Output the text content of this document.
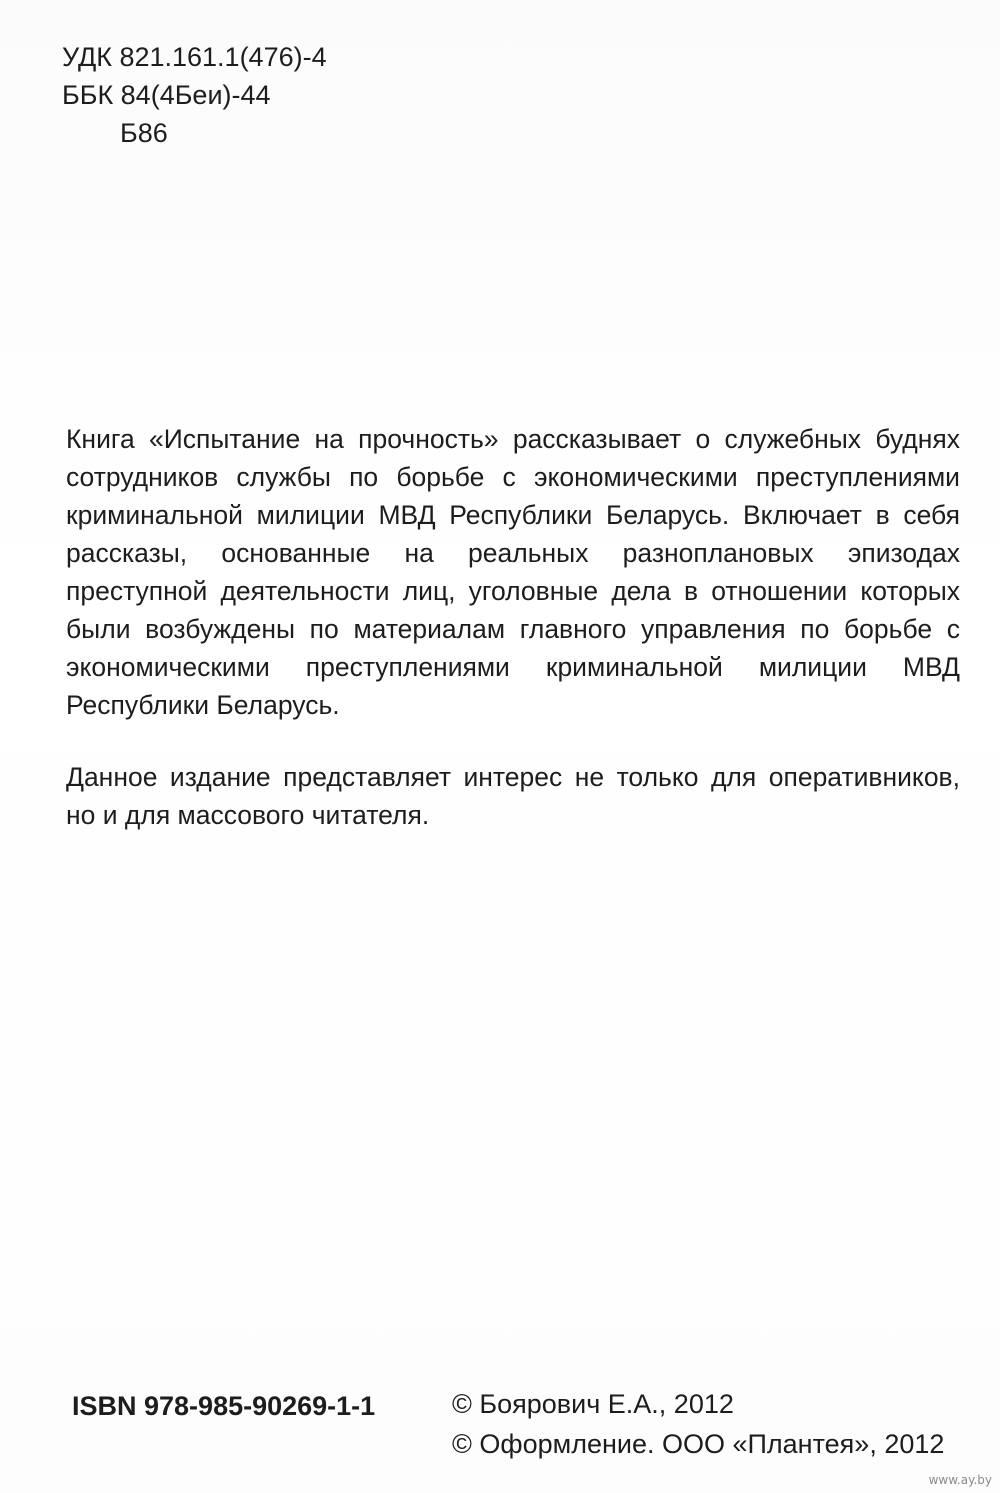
УДК 821.161.1(476)-4
ББК 84(4Беи)-44
Б86

Книга «Испытание на прочность» рассказывает о служебных буднях сотрудников службы по борьбе с экономическими преступлениями криминальной милиции МВД Республики Беларусь. Включает в себя рассказы, основанные на реальных разноплановых эпизодах преступной деятельности лиц, уголовные дела в отношении которых были возбуждены по материалам главного управления по борьбе с экономическими преступлениями криминальной милиции МВД Республики Беларусь.

Данное издание представляет интерес не только для оперативников, но и для массового читателя.

ISBN 978-985-90269-1-1	© Боярович Е.А., 2012
© Оформление. ООО «Плантея», 2012
www.ay.by
